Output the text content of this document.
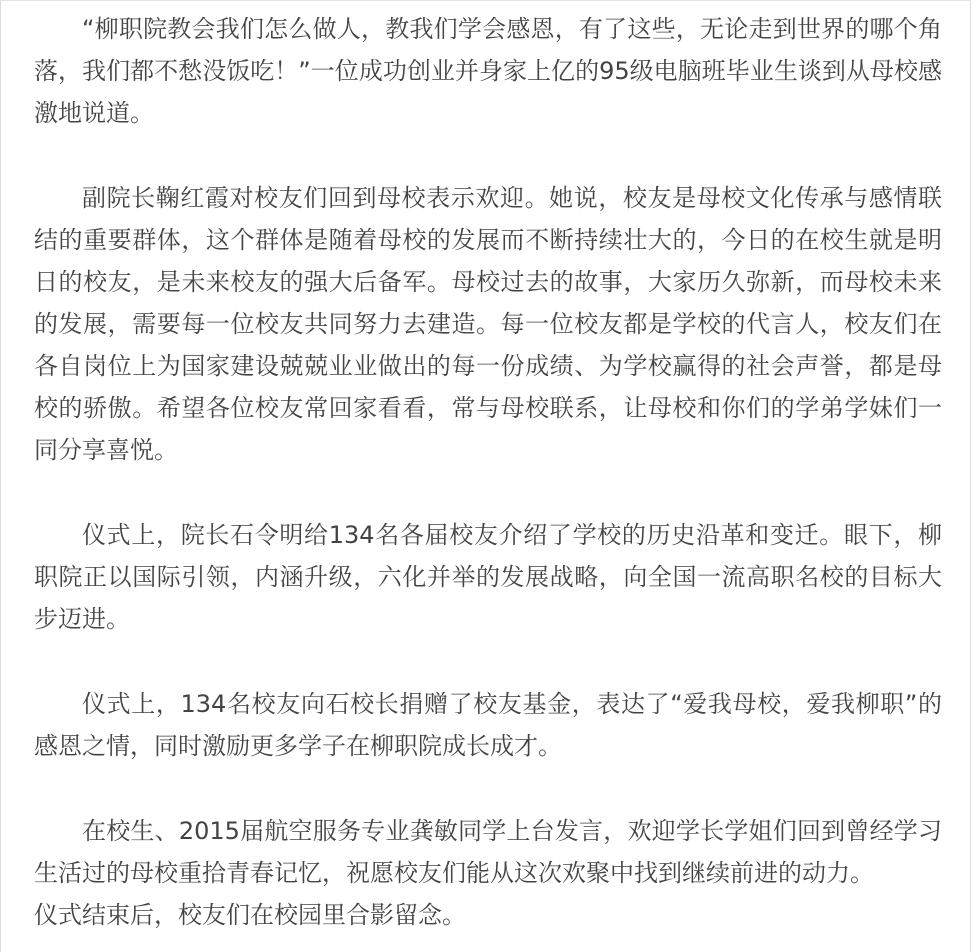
“柳职院教会我们怎么做人，教我们学会感恩，有了这些，无论走到世界的哪个角落，我们都不愁没饭吃！”一位成功创业并身家上亿的95级电脑班毕业生谈到从母校感激地说道。

副院长鞠红霞对校友们回到母校表示欢迎。她说，校友是母校文化传承与感情联结的重要群体，这个群体是随着母校的发展而不断持续壮大的，今日的在校生就是明日的校友，是未来校友的强大后备军。母校过去的故事，大家历久弥新，而母校未来的发展，需要每一位校友共同努力去建造。每一位校友都是学校的代言人，校友们在各自岗位上为国家建设兢兢业业做出的每一份成绩、为学校赢得的社会声誉，都是母校的骄傲。希望各位校友常回家看看，常与母校联系，让母校和你们的学弟学妹们一同分享喜悦。

仪式上，院长石令明给134名各届校友介绍了学校的历史沿革和变迁。眼下，柳职院正以国际引领，内涵升级，六化并举的发展战略，向全国一流高职名校的目标大步迈进。

仪式上，134名校友向石校长捐赠了校友基金，表达了“爱我母校，爱我柳职”的感恩之情，同时激励更多学子在柳职院成长成才。

在校生、2015届航空服务专业龚敏同学上台发言，欢迎学长学姐们回到曾经学习生活过的母校重拾青春记忆，祝愿校友们能从这次欢聚中找到继续前进的动力。

仪式结束后，校友们在校园里合影留念。
